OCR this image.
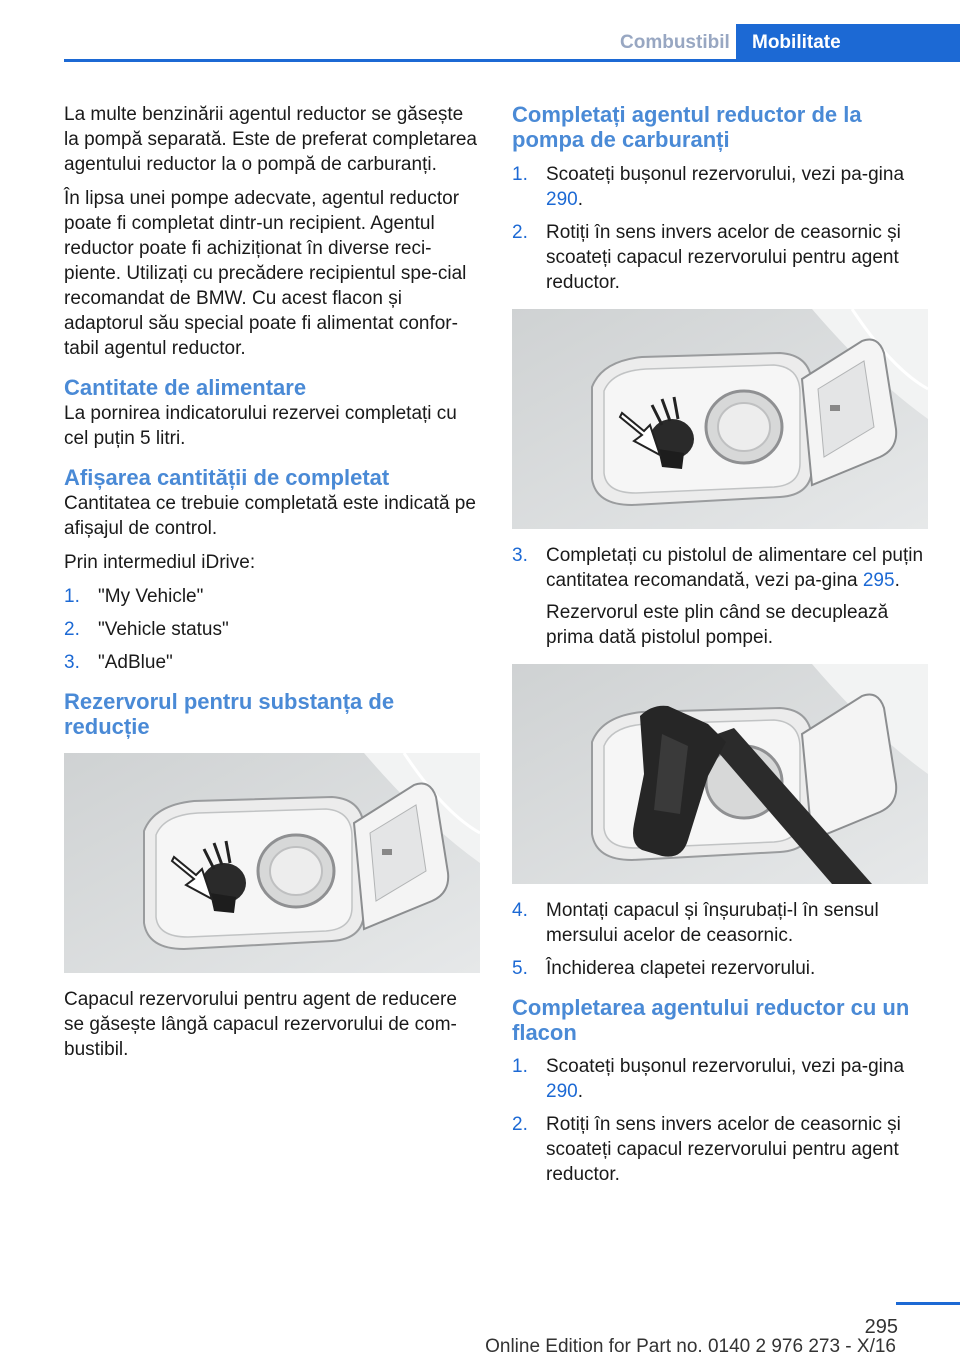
Combustibil	Mobilitate

La multe benzinării agentul reductor se găsește la pompă separată. Este de preferat completarea agentului reductor la o pompă de carburanți.

În lipsa unei pompe adecvate, agentul reductor poate fi completat dintr-un recipient. Agentul reductor poate fi achiziționat în diverse reci-piente. Utilizați cu precădere recipientul spe-cial recomandat de BMW. Cu acest flacon și adaptorul său special poate fi alimentat confor-tabil agentul reductor.

Cantitate de alimentare

La pornirea indicatorului rezervei completați cu cel puțin 5 litri.

Afișarea cantității de completat

Cantitatea ce trebuie completată este indicată pe afișajul de control.

Prin intermediul iDrive:

1. "My Vehicle"
2. "Vehicle status"
3. "AdBlue"
Rezervorul pentru substanța de reducție

Capacul rezervorului pentru agent de reducere se găsește lângă capacul rezervorului de com-bustibil.

Completați agentul reductor de la pompa de carburanți
1. Scoateți bușonul rezervorului, vezi pa-gina 290.
2. Rotiți în sens invers acelor de ceasornic și scoateți capacul rezervorului pentru agent reductor.
3. Completați cu pistolul de alimentare cel puțin cantitatea recomandată, vezi pa-gina 295.
Rezervorul este plin când se decuplează prima dată pistolul pompei.
4. Montați capacul și înșurubați-l în sensul mersului acelor de ceasornic.
5. Închiderea clapetei rezervorului.
Completarea agentului reductor cu un flacon
1. Scoateți bușonul rezervorului, vezi pa-gina 290.
2. Rotiți în sens invers acelor de ceasornic și scoateți capacul rezervorului pentru agent reductor.
295
Online Edition for Part no. 0140 2 976 273 - X/16
